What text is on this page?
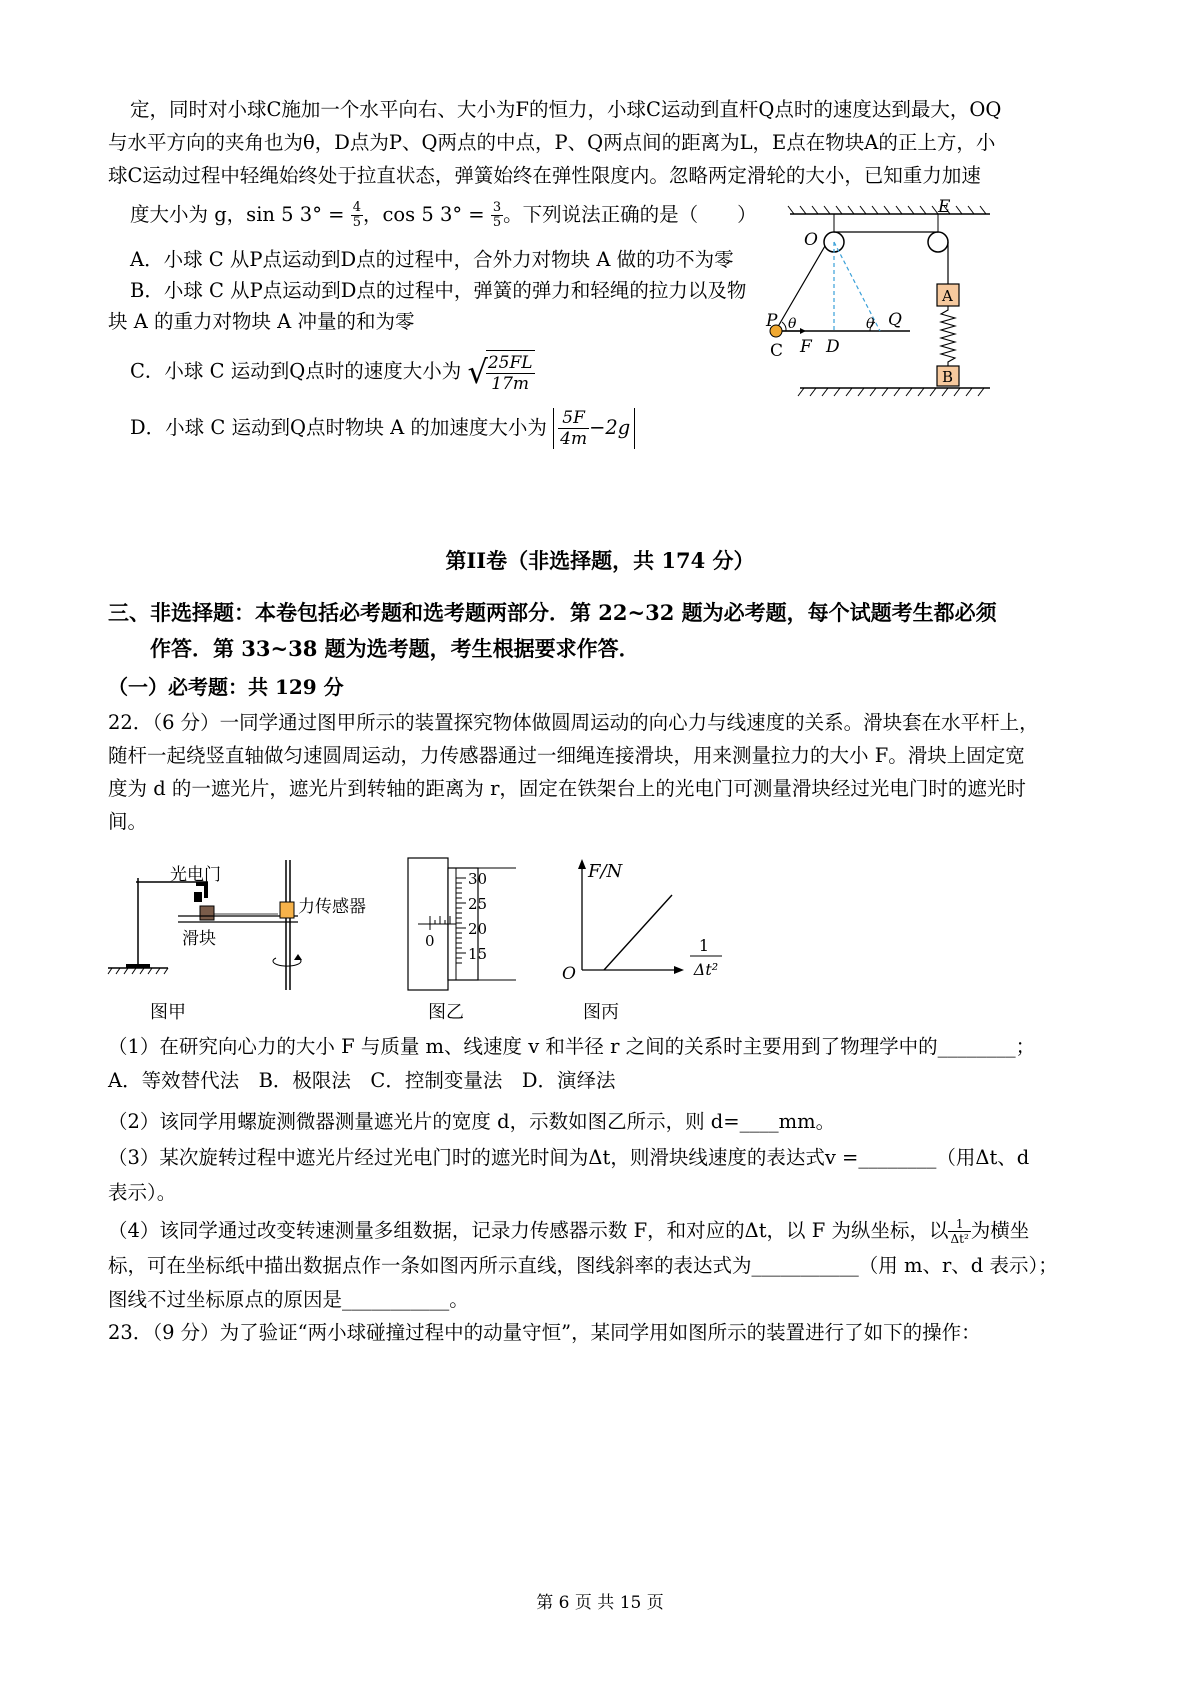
定，同时对小球C施加一个水平向右、大小为F的恒力，小球C运动到直杆Q点时的速度达到最大，OQ
与水平方向的夹角也为θ，D点为P、Q两点的中点，P、Q两点间的距离为L，E点在物块A的正上方，小
球C运动过程中轻绳始终处于拉直状态，弹簧始终在弹性限度内。忽略两定滑轮的大小，已知重力加速
度大小为 g，sin 5 $3^\circ = \frac{4}{5}$ ，cos 5 $3^\circ = \frac{3}{5}$ 。下列说法正确的是（　　）
A．小球 C 从P点运动到D点的过程中，合外力对物块 A 做的功不为零
B．小球 C 从P点运动到D点的过程中，弹簧的弹力和轻绳的拉力以及物
块 A 的重力对物块 A 冲量的和为零
C．小球 C 运动到Q点时的速度大小为 √
$\frac{25FL}{17m}$
D．小球 C 运动到Q点时物块 A 的加速度大小为 $\frac{5F}{4m} -2g$
E
O
A
B
P θ	θ Q
C F D
第II卷（非选择题，共 174 分）
三、非选择题：本卷包括必考题和选考题两部分．第 22~32 题为必考题，每个试题考生都必须
作答．第 33~38 题为选考题，考生根据要求作答．
（一）必考题：共 129 分
22．（6 分）一同学通过图甲所示的装置探究物体做圆周运动的向心力与线速度的关系。滑块套在水平杆上，
随杆一起绕竖直轴做匀速圆周运动，力传感器通过一细绳连接滑块，用来测量拉力的大小 F。滑块上固定宽
度为 d 的一遮光片，遮光片到转轴的距离为 r，固定在铁架台上的光电门可测量滑块经过光电门时的遮光时
间。
光电门
力传感器
滑块
图甲
30
25
20
15
0
图乙
F/N
O
1
Δt²
图丙
（1）在研究向心力的大小 F 与质量 m、线速度 v 和半径 r 之间的关系时主要用到了物理学中的________；
A．等效替代法　B．极限法　C．控制变量法　D．演绎法
（2）该同学用螺旋测微器测量遮光片的宽度 d，示数如图乙所示，则 d=____mm。
（3）某次旋转过程中遮光片经过光电门时的遮光时间为Δt，则滑块线速度的表达式v =________（用Δt、d
表示）。
（4）该同学通过改变转速测量多组数据，记录力传感器示数 F，和对应的Δt，以 F 为纵坐标，以 $\frac{1}{\text{Δt²}}$ 为横坐
标，可在坐标纸中描出数据点作一条如图丙所示直线，图线斜率的表达式为___________（用 m、r、d 表示）；
图线不过坐标原点的原因是___________。
23．（9 分）为了验证“两小球碰撞过程中的动量守恒”，某同学用如图所示的装置进行了如下的操作：
第 6 页 共 15 页
